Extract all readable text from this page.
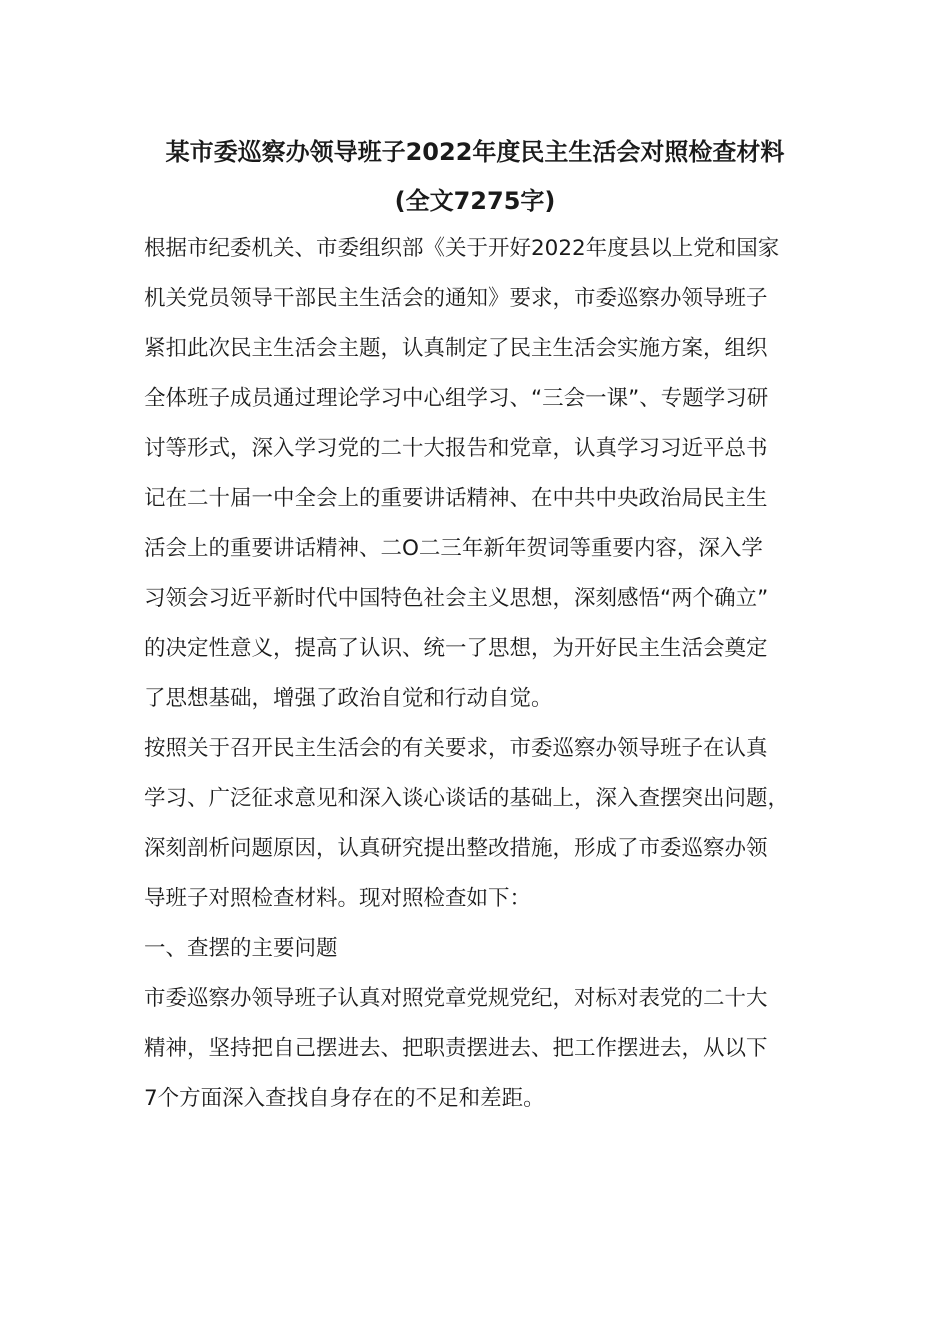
某市委巡察办领导班子2022年度民主生活会对照检查材料
(全文7275字)

根据市纪委机关、市委组织部《关于开好2022年度县以上党和国家

机关党员领导干部民主生活会的通知》要求，市委巡察办领导班子

紧扣此次民主生活会主题，认真制定了民主生活会实施方案，组织

全体班子成员通过理论学习中心组学习、“三会一课”、专题学习研

讨等形式，深入学习党的二十大报告和党章，认真学习习近平总书

记在二十届一中全会上的重要讲话精神、在中共中央政治局民主生

活会上的重要讲话精神、二O二三年新年贺词等重要内容，深入学

习领会习近平新时代中国特色社会主义思想，深刻感悟“两个确立”

的决定性意义，提高了认识、统一了思想，为开好民主生活会奠定

了思想基础，增强了政治自觉和行动自觉。

按照关于召开民主生活会的有关要求，市委巡察办领导班子在认真

学习、广泛征求意见和深入谈心谈话的基础上，深入查摆突出问题，

深刻剖析问题原因，认真研究提出整改措施，形成了市委巡察办领

导班子对照检查材料。现对照检查如下：

一、查摆的主要问题

市委巡察办领导班子认真对照党章党规党纪，对标对表党的二十大

精神，坚持把自己摆进去、把职责摆进去、把工作摆进去，从以下

7个方面深入查找自身存在的不足和差距。
